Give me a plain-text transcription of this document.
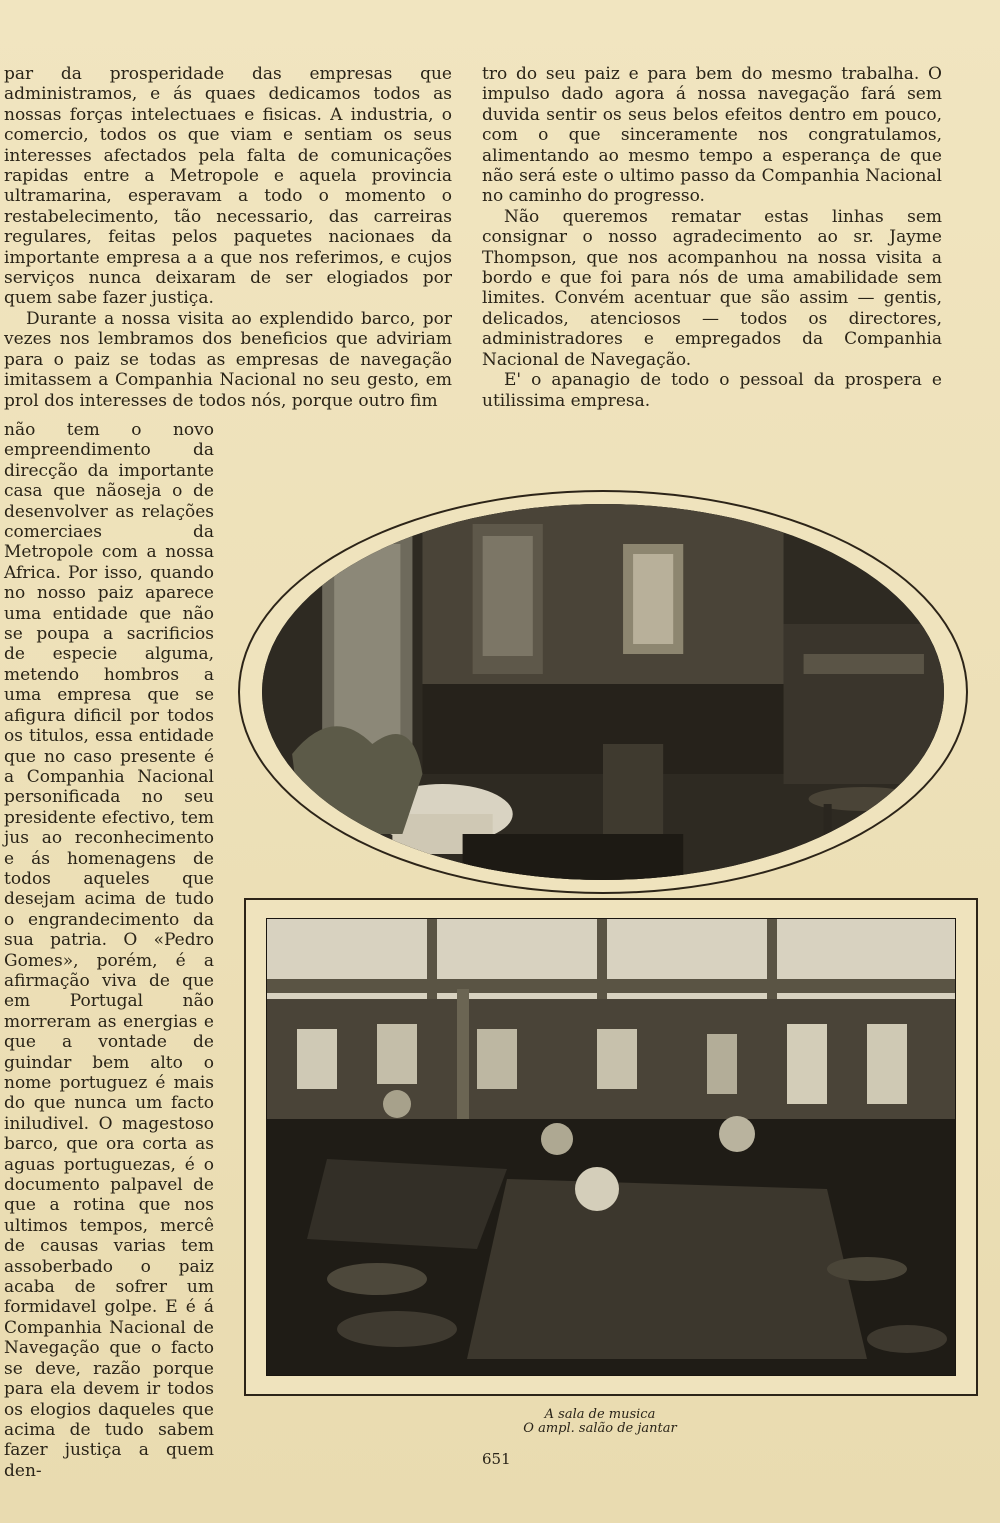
par da prosperidade das empresas que administramos, e ás quaes dedicamos todos as nossas forças intelectuaes e fisicas. A industria, o comercio, todos os que viam e sentiam os seus interesses afectados pela falta de comunicações rapidas entre a Metropole e aquela provincia ultramarina, esperavam a todo o momento o restabelecimento, tão necessario, das carreiras regulares, feitas pelos paquetes nacionaes da importante empresa a a que nos referimos, e cujos serviços nunca deixaram de ser elogiados por quem sabe fazer justiça.
Durante a nossa visita ao explendido barco, por vezes nos lembramos dos beneficios que adviriam para o paiz se todas as empresas de navegação imitassem a Companhia Nacional no seu gesto, em prol dos interesses de todos nós, porque outro fim
não tem o novo empreendimento da direcção da importante casa que nãoseja o de desenvolver as relações comerciaes da Metropole com a nossa Africa. Por isso, quando no nosso paiz aparece uma entidade que não se poupa a sacrificios de especie alguma, metendo hombros a uma empresa que se afigura dificil por todos os titulos, essa entidade que no caso presente é a Companhia Nacional personificada no seu presidente efectivo, tem jus ao reconhecimento e ás homenagens de todos aqueles que desejam acima de tudo o engrandecimento da sua patria. O «Pedro Gomes», porém, é a afirmação viva de que em Portugal não morreram as energias e que a vontade de guindar bem alto o nome portuguez é mais do que nunca um facto iniludivel. O magestoso barco, que ora corta as aguas portuguezas, é o documento palpavel de que a rotina que nos ultimos tempos, mercê de causas varias tem assoberbado o paiz acaba de sofrer um formidavel golpe. E é á Companhia Nacional de Navegação que o facto se deve, razão porque para ela devem ir todos os elogios daqueles que acima de tudo sabem fazer justiça a quem den-
tro do seu paiz e para bem do mesmo trabalha. O impulso dado agora á nossa navegação fará sem duvida sentir os seus belos efeitos dentro em pouco, com o que sinceramente nos congratulamos, alimentando ao mesmo tempo a esperança de que não será este o ultimo passo da Companhia Nacional no caminho do progresso.
Não queremos rematar estas linhas sem consignar o nosso agradecimento ao sr. Jayme Thompson, que nos acompanhou na nossa visita a bordo e que foi para nós de uma amabilidade sem limites. Convém acentuar que são assim — gentis, delicados, atenciosos — todos os directores, administradores e empregados da Companhia Nacional de Navegação.
E' o apanagio de todo o pessoal da prospera e utilissima empresa.

A sala de musica

O ampl. salão de jantar

651
